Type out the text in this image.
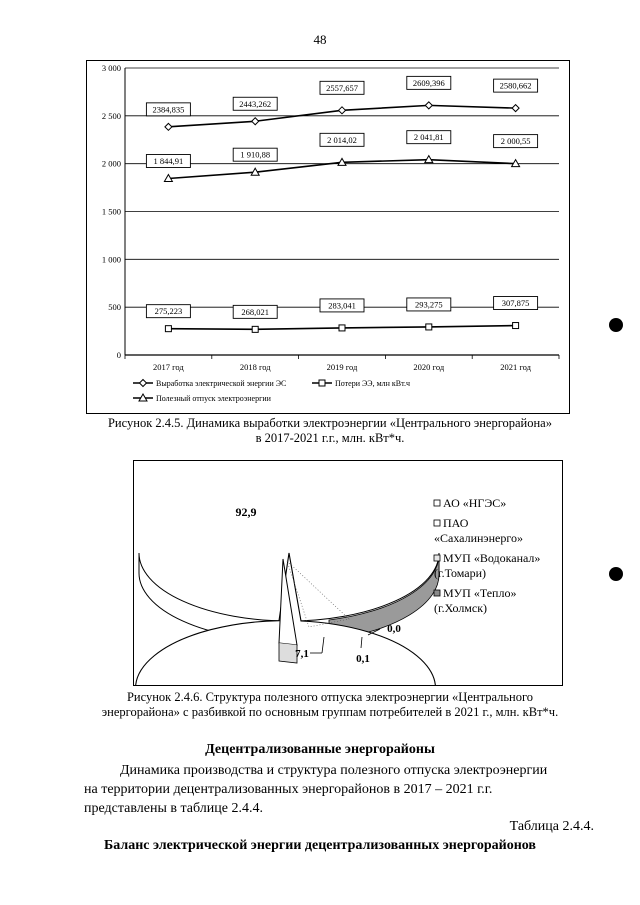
48
0
500
1 000
1 500
2 000
2 500
3 000
2017 год	2018 год	2019 год	2020 год	2021 год
2384,835
2443,262
2557,657	2609,396	2580,662
275,223	268,021
283,041	293,275	307,875
1 844,91
1 910,88
2 014,02	2 041,81	2 000,55
Выработка электрической энергии ЭС	Потери ЭЭ, млн кВт.ч
Полезный отпуск электроэнергии
Рисунок 2.4.5. Динамика выработки электроэнергии «Центрального энергорайона»
в 2017-2021 г.г., млн. кВт*ч.
92,9
7,1	0,1
0,0
АО «НГЭС»
ПАО
«Сахалинэнерго»
МУП «Водоканал»
(г.Томари)
МУП «Тепло»
(г.Холмск)
Рисунок 2.4.6. Структура полезного отпуска электроэнергии «Центрального
энергорайона» с разбивкой по основным группам потребителей в 2021 г., млн. кВт*ч.
Децентрализованные энергорайоны
Динамика производства и структура полезного отпуска электроэнергии
на территории децентрализованных энергорайонов в 2017 – 2021 г.г.
представлены в таблице 2.4.4.
Таблица 2.4.4.
Баланс электрической энергии децентрализованных энергорайонов
